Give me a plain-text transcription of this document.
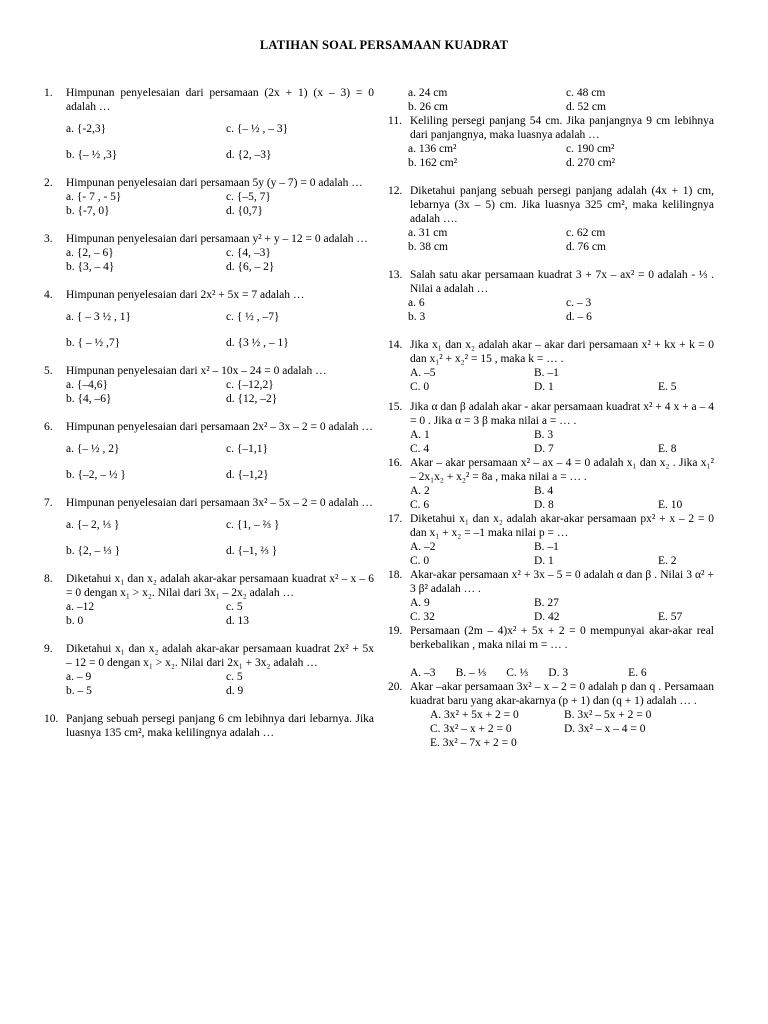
LATIHAN SOAL PERSAMAAN KUADRAT
1. Himpunan penyelesaian dari persamaan (2x + 1) (x – 3) = 0 adalah …
a. {-2,3}	c. {– ½ , – 3}
b. {– ½ ,3}	d. {2, –3}
2. Himpunan penyelesaian dari persamaan 5y (y – 7) = 0 adalah …
a. {- 7 , - 5}	c. {–5, 7}
b. {-7, 0}	d. {0,7}
3. Himpunan penyelesaian dari persamaan y² + y – 12 = 0 adalah …
a. {2, – 6}	c. {4, –3}
b. {3, – 4}	d. {6, – 2}
4. Himpunan penyelesaian dari 2x² + 5x = 7 adalah …
a. { – 3 ½ , 1}	c. { ½ , –7}
b. { – ½ ,7}	d. {3 ½ , – 1}
5. Himpunan penyelesaian dari x² – 10x – 24 = 0 adalah …
a. {–4,6}	c. {–12,2}
b. {4, –6}	d. {12, –2}
6. Himpunan penyelesaian dari persamaan 2x² – 3x – 2 = 0 adalah …
a. {– ½ , 2}	c. {–1,1}
b. {–2, – ½ }	d. {–1,2}
7. Himpunan penyelesaian dari persamaan 3x² – 5x – 2 = 0 adalah …
a. {– 2, ⅓ }	c. {1, – ⅔ }
b. {2, – ⅓ }	d. {–1, ⅔ }
8. Diketahui x₁ dan x₂ adalah akar-akar persamaan kuadrat x² – x – 6 = 0 dengan x₁ > x₂. Nilai dari 3x₁ – 2x₂ adalah …
a. –12	c. 5
b. 0	d. 13
9. Diketahui x₁ dan x₂ adalah akar-akar persamaan kuadrat 2x² + 5x – 12 = 0 dengan x₁ > x₂. Nilai dari 2x₁ + 3x₂ adalah …
a. – 9	c. 5
b. – 5	d. 9
10. Panjang sebuah persegi panjang 6 cm lebihnya dari lebarnya. Jika luasnya 135 cm², maka kelilingnya adalah …
a. 24 cm	c. 48 cm
b. 26 cm	d. 52 cm
11. Keliling persegi panjang 54 cm. Jika panjangnya 9 cm lebihnya dari panjangnya, maka luasnya adalah …
a. 136 cm²	c. 190 cm²
b. 162 cm²	d. 270 cm²
12. Diketahui panjang sebuah persegi panjang adalah (4x + 1) cm, lebarnya (3x – 5) cm. Jika luasnya 325 cm², maka kelilingnya adalah ….
a. 31 cm	c. 62 cm
b. 38 cm	d. 76 cm
13. Salah satu akar persamaan kuadrat 3 + 7x – ax² = 0 adalah - ⅓ . Nilai a adalah …
a. 6	c. – 3
b. 3	d. – 6
14. Jika x₁ dan x₂ adalah akar – akar dari persamaan x² + kx + k = 0 dan x₁² + x₂² = 15 , maka k = … .
A. –5	B. –1
C. 0	D. 1	E. 5
15. Jika α dan β adalah akar - akar persamaan kuadrat x² + 4 x + a – 4 = 0 . Jika α = 3 β maka nilai a = … .
A. 1	B. 3
C. 4	D. 7	E. 8
16. Akar – akar persamaan x² – ax – 4 = 0 adalah x₁ dan x₂ . Jika x₁² – 2x₁x₂ + x₂² = 8a , maka nilai a = … .
A. 2	B. 4
C. 6	D. 8	E. 10
17. Diketahui x₁ dan x₂ adalah akar-akar persamaan px² + x – 2 = 0 dan x₁ + x₂ = –1 maka nilai p = …
A. –2	B. –1
C. 0	D. 1	E. 2
18. Akar-akar persamaan x² + 3x – 5 = 0 adalah α dan β . Nilai 3 α² + 3 β² adalah … .
A. 9	B. 27
C. 32	D. 42	E. 57
19. Persamaan (2m – 4)x² + 5x + 2 = 0 mempunyai akar-akar real berkebalikan , maka nilai m = … .
A. –3 B. – ⅓ C. ⅓ D. 3	E. 6
20. Akar –akar persamaan 3x² – x – 2 = 0 adalah p dan q . Persamaan kuadrat baru yang akar-akarnya (p + 1) dan (q + 1) adalah … .
A. 3x² + 5x + 2 = 0	B. 3x² – 5x + 2 = 0
C. 3x² – x + 2 = 0	D. 3x² – x – 4 = 0
E. 3x² – 7x + 2 = 0
